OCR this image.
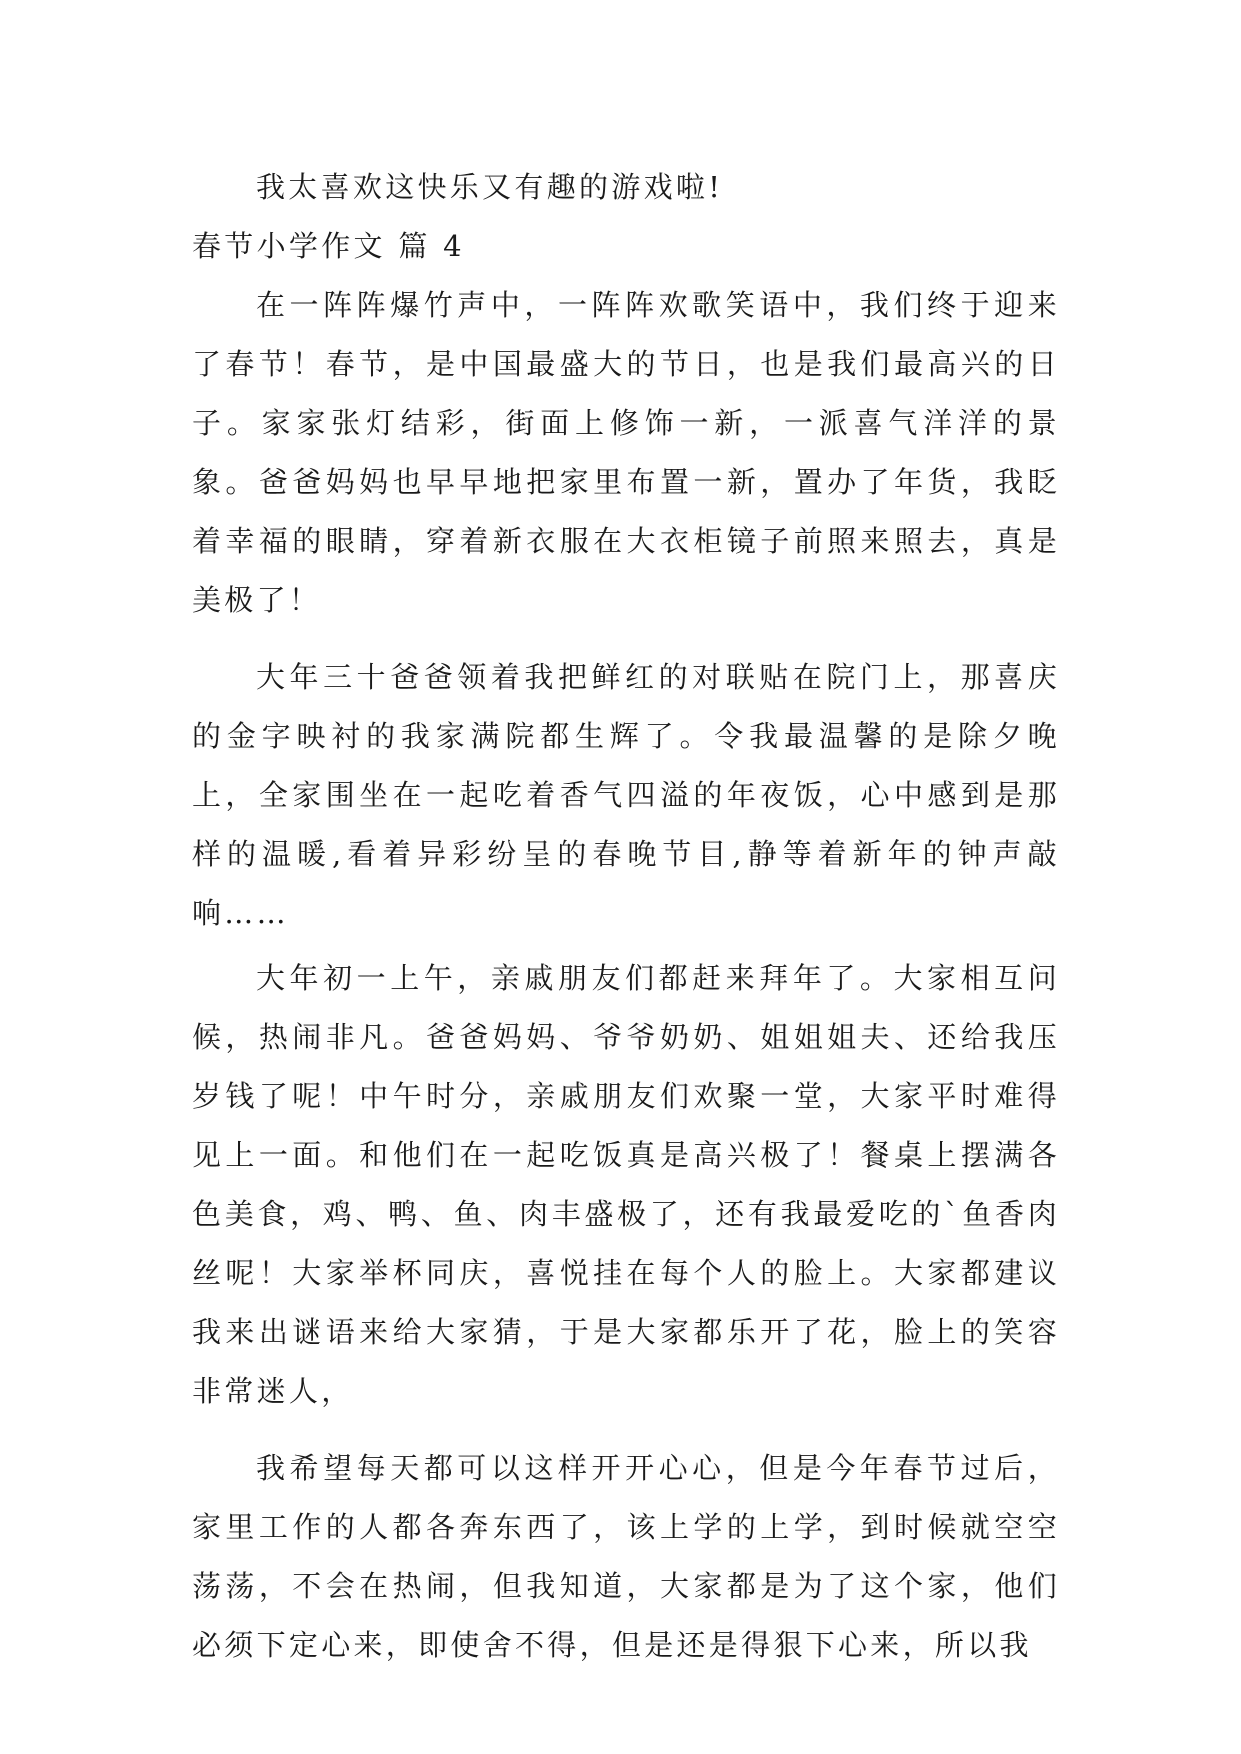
我太喜欢这快乐又有趣的游戏啦!

春节小学作文 篇 4

在一阵阵爆竹声中，一阵阵欢歌笑语中，我们终于迎来了春节！春节，是中国最盛大的节日，也是我们最高兴的日子。家家张灯结彩，街面上修饰一新，一派喜气洋洋的景象。爸爸妈妈也早早地把家里布置一新，置办了年货，我眨着幸福的眼睛，穿着新衣服在大衣柜镜子前照来照去，真是美极了！

大年三十爸爸领着我把鲜红的对联贴在院门上，那喜庆的金字映衬的我家满院都生辉了。令我最温馨的是除夕晚上，全家围坐在一起吃着香气四溢的年夜饭，心中感到是那样的温暖,看着异彩纷呈的春晚节目,静等着新年的钟声敲响……

大年初一上午，亲戚朋友们都赶来拜年了。大家相互问候，热闹非凡。爸爸妈妈、爷爷奶奶、姐姐姐夫、还给我压岁钱了呢！中午时分，亲戚朋友们欢聚一堂，大家平时难得见上一面。和他们在一起吃饭真是高兴极了！餐桌上摆满各色美食，鸡、鸭、鱼、肉丰盛极了，还有我最爱吃的`鱼香肉丝呢！大家举杯同庆，喜悦挂在每个人的脸上。大家都建议我来出谜语来给大家猜，于是大家都乐开了花，脸上的笑容非常迷人，

我希望每天都可以这样开开心心，但是今年春节过后，家里工作的人都各奔东西了，该上学的上学，到时候就空空荡荡，不会在热闹，但我知道，大家都是为了这个家，他们必须下定心来，即使舍不得，但是还是得狠下心来，所以我
